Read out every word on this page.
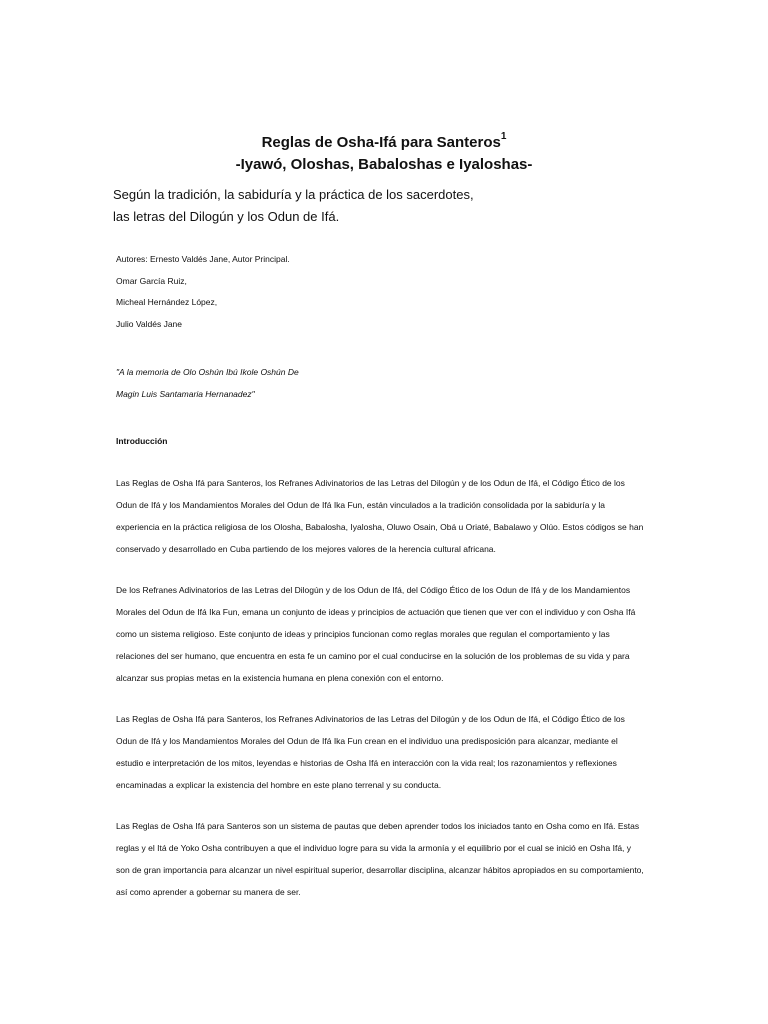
Reglas de Osha-Ifá para Santeros$^1$
-Iyawó, Oloshas, Babaloshas e Iyaloshas-
Según la tradición, la sabiduría y la práctica de los sacerdotes,
las letras del Dilogún y los Odun de Ifá.
Autores: Ernesto Valdés Jane, Autor Principal.
Omar García Ruiz,
Micheal Hernández López,
Julio Valdés Jane
"A la memoria de Olo Oshún Ibú Ikole Oshún De
Magin Luis Santamaria Hernanadez"
Introducción
Las Reglas de Osha Ifá para Santeros, los Refranes Adivinatorios de las Letras del Dilogún y de los Odun de Ifá, el Código Ético de los
Odun de Ifá y los Mandamientos Morales del Odun de Ifá Ika Fun, están vinculados a la tradición consolidada por la sabiduría y la
experiencia en la práctica religiosa de los Olosha, Babalosha, Iyalosha, Oluwo Osain, Obá u Oriaté, Babalawo y Olúo. Estos códigos se han
conservado y desarrollado en Cuba partiendo de los mejores valores de la herencia cultural africana.
De los Refranes Adivinatorios de las Letras del Dilogún y de los Odun de Ifá, del Código Ético de los Odun de Ifá y de los Mandamientos
Morales del Odun de Ifá Ika Fun, emana un conjunto de ideas y principios de actuación que tienen que ver con el individuo y con Osha Ifá
como un sistema religioso. Este conjunto de ideas y principios funcionan como reglas morales que regulan el comportamiento y las
relaciones del ser humano, que encuentra en esta fe un camino por el cual conducirse en la solución de los problemas de su vida y para
alcanzar sus propias metas en la existencia humana en plena conexión con el entorno.
Las Reglas de Osha Ifá para Santeros, los Refranes Adivinatorios de las Letras del Dilogún y de los Odun de Ifá, el Código Ético de los
Odun de Ifá y los Mandamientos Morales del Odun de Ifá Ika Fun crean en el individuo una predisposición para alcanzar, mediante el
estudio e interpretación de los mitos, leyendas e historias de Osha Ifá en interacción con la vida real; los razonamientos y reflexiones
encaminadas a explicar la existencia del hombre en este plano terrenal y su conducta.
Las Reglas de Osha Ifá para Santeros son un sistema de pautas que deben aprender todos los iniciados tanto en Osha como en Ifá. Estas
reglas y el Itá de Yoko Osha contribuyen a que el individuo logre para su vida la armonía y el equilibrio por el cual se inició en Osha Ifá, y
son de gran importancia para alcanzar un nivel espiritual superior, desarrollar disciplina, alcanzar hábitos apropiados en su comportamiento,
así como aprender a gobernar su manera de ser.
